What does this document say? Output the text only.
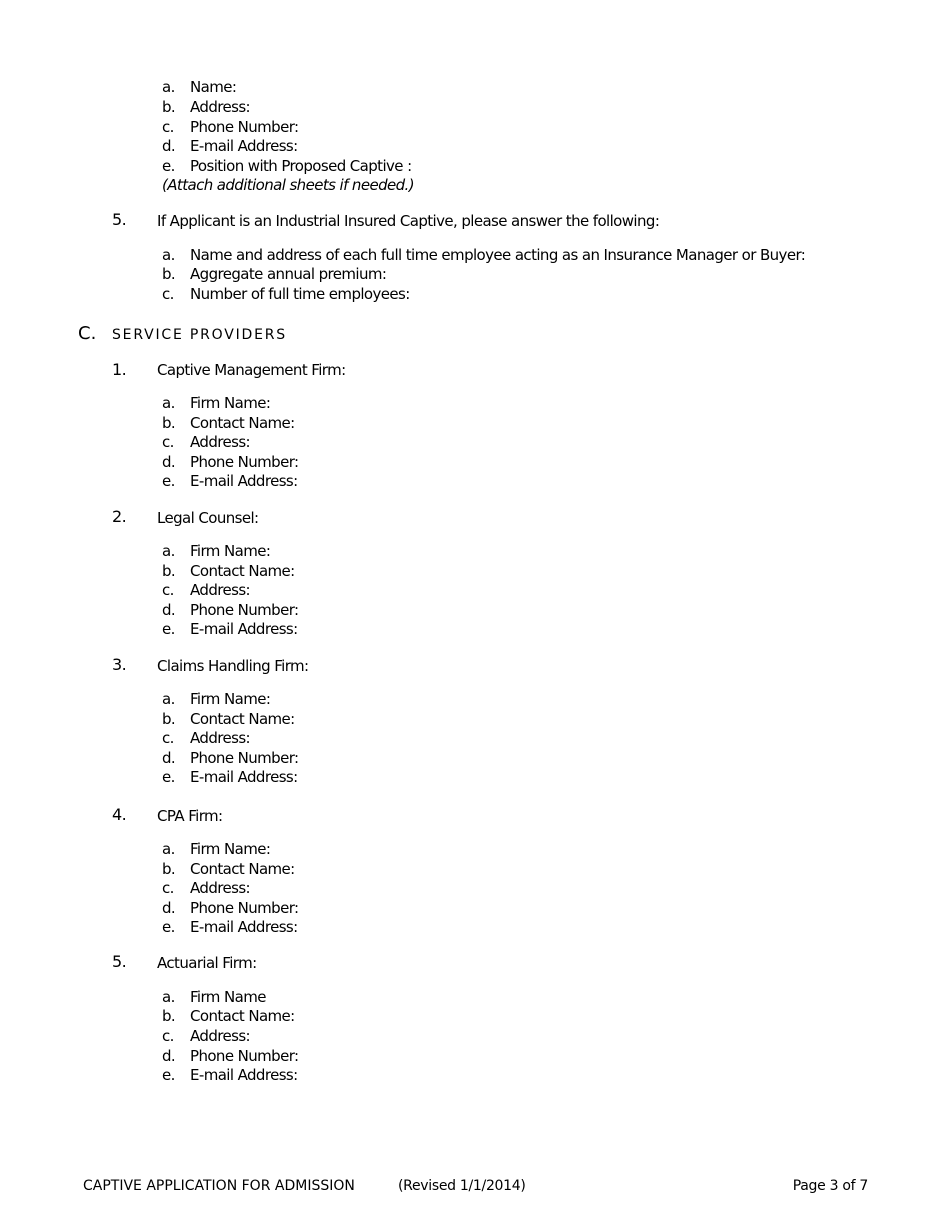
a. Name:
b. Address:
c. Phone Number:
d. E-mail Address:
e. Position with Proposed Captive :
(Attach additional sheets if needed.)
5. If Applicant is an Industrial Insured Captive, please answer the following:
a. Name and address of each full time employee acting as an Insurance Manager or Buyer:
b. Aggregate annual premium:
c. Number of full time employees:
C. SERVICE PROVIDERS
1. Captive Management Firm:
a. Firm Name:
b. Contact Name:
c. Address:
d. Phone Number:
e. E-mail Address:
2. Legal Counsel:
a. Firm Name:
b. Contact Name:
c. Address:
d. Phone Number:
e. E-mail Address:
3. Claims Handling Firm:
a. Firm Name:
b. Contact Name:
c. Address:
d. Phone Number:
e. E-mail Address:
4. CPA Firm:
a. Firm Name:
b. Contact Name:
c. Address:
d. Phone Number:
e. E-mail Address:
5. Actuarial Firm:
a. Firm Name
b. Contact Name:
c. Address:
d. Phone Number:
e. E-mail Address:
CAPTIVE APPLICATION FOR ADMISSION	(Revised 1/1/2014)	Page 3 of 7
